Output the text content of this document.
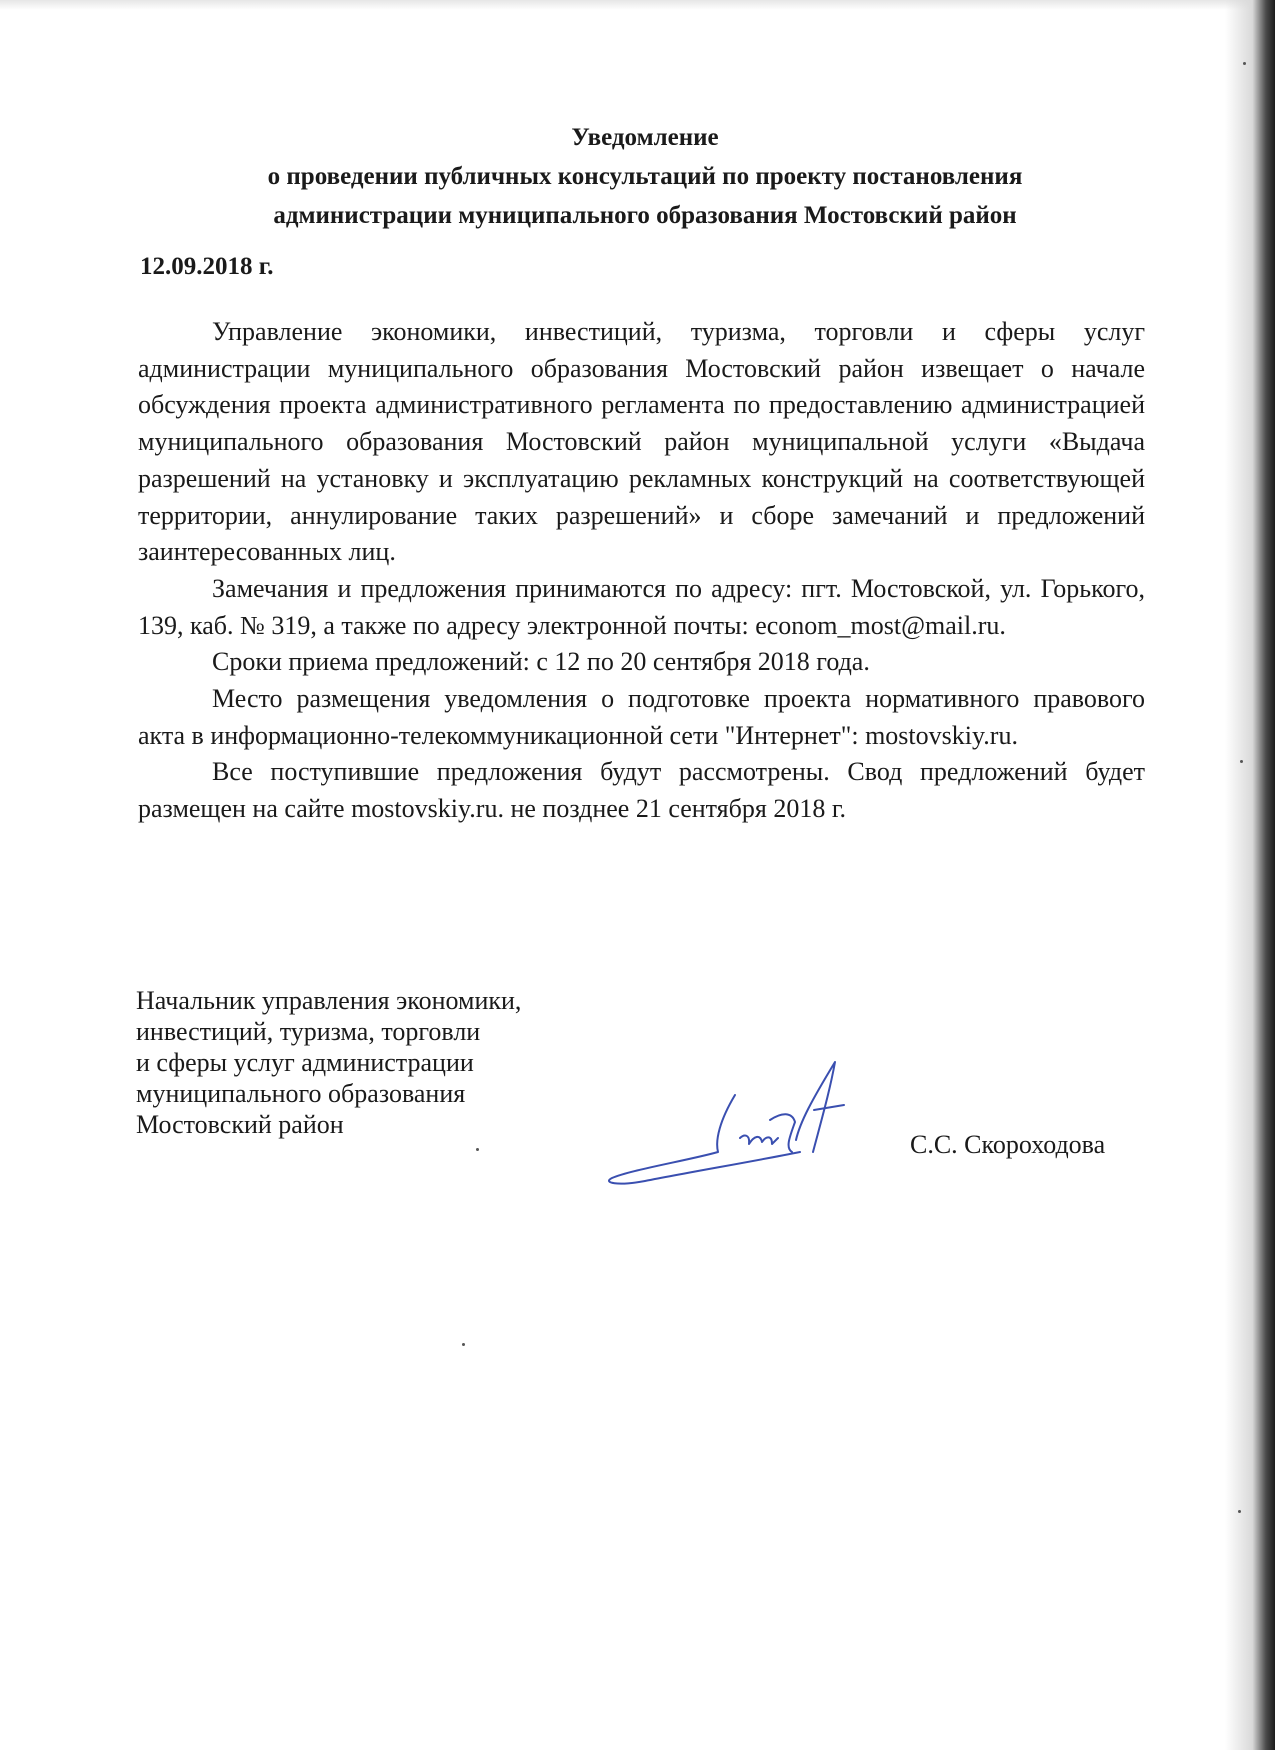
Уведомление
о проведении публичных консультаций по проекту постановления
администрации муниципального образования Мостовский район
12.09.2018 г.

Управление экономики, инвестиций, туризма, торговли и сферы услуг администрации муниципального образования Мостовский район извещает о начале обсуждения проекта административного регламента по предоставлению администрацией муниципального образования Мостовский район муниципальной услуги «Выдача разрешений на установку и эксплуатацию рекламных конструкций на соответствующей территории, аннулирование таких разрешений» и сборе замечаний и предложений заинтересованных лиц.

Замечания и предложения принимаются по адресу: пгт. Мостовской, ул. Горького, 139, каб. № 319, а также по адресу электронной почты: econom_most@mail.ru.

Сроки приема предложений: с 12 по 20 сентября 2018 года.

Место размещения уведомления о подготовке проекта нормативного правового акта в информационно-телекоммуникационной сети "Интернет": mostovskiy.ru.

Все поступившие предложения будут рассмотрены. Свод предложений будет размещен на сайте mostovskiy.ru. не позднее 21 сентября 2018 г.

Начальник управления экономики,
инвестиций, туризма, торговли
и сферы услуг администрации
муниципального образования
Мостовский район
С.С. Скороходова
